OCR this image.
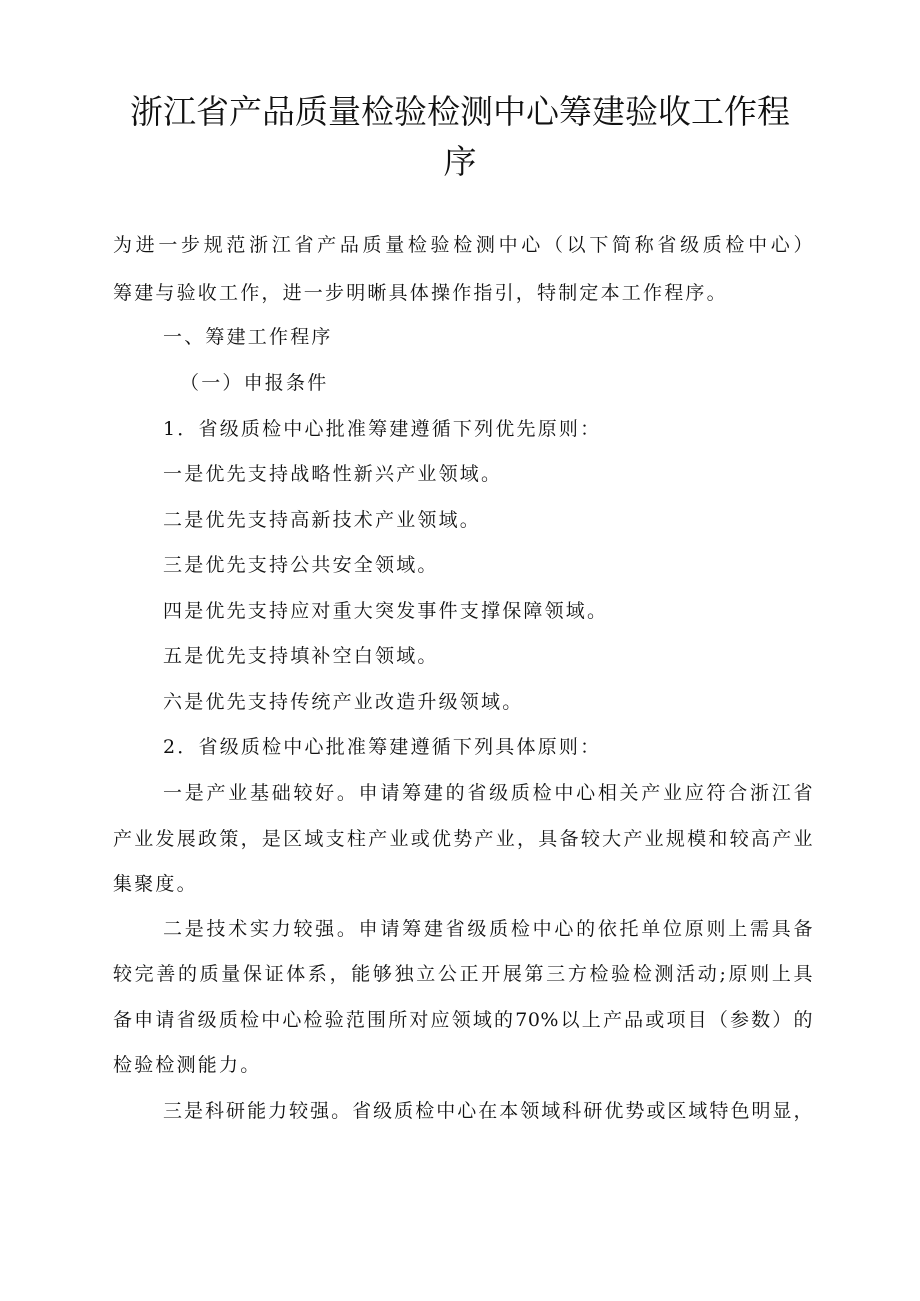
浙江省产品质量检验检测中心筹建验收工作程
序
为进一步规范浙江省产品质量检验检测中心（以下简称省级质检中心）
筹建与验收工作，进一步明晰具体操作指引，特制定本工作程序。
一、筹建工作程序
（一）申报条件
1．省级质检中心批准筹建遵循下列优先原则：
一是优先支持战略性新兴产业领域。
二是优先支持高新技术产业领域。
三是优先支持公共安全领域。
四是优先支持应对重大突发事件支撑保障领域。
五是优先支持填补空白领域。
六是优先支持传统产业改造升级领域。
2．省级质检中心批准筹建遵循下列具体原则：
一是产业基础较好。申请筹建的省级质检中心相关产业应符合浙江省
产业发展政策，是区域支柱产业或优势产业，具备较大产业规模和较高产业
集聚度。
二是技术实力较强。申请筹建省级质检中心的依托单位原则上需具备
较完善的质量保证体系，能够独立公正开展第三方检验检测活动;原则上具
备申请省级质检中心检验范围所对应领域的70%以上产品或项目（参数）的
检验检测能力。
三是科研能力较强。省级质检中心在本领域科研优势或区域特色明显，
